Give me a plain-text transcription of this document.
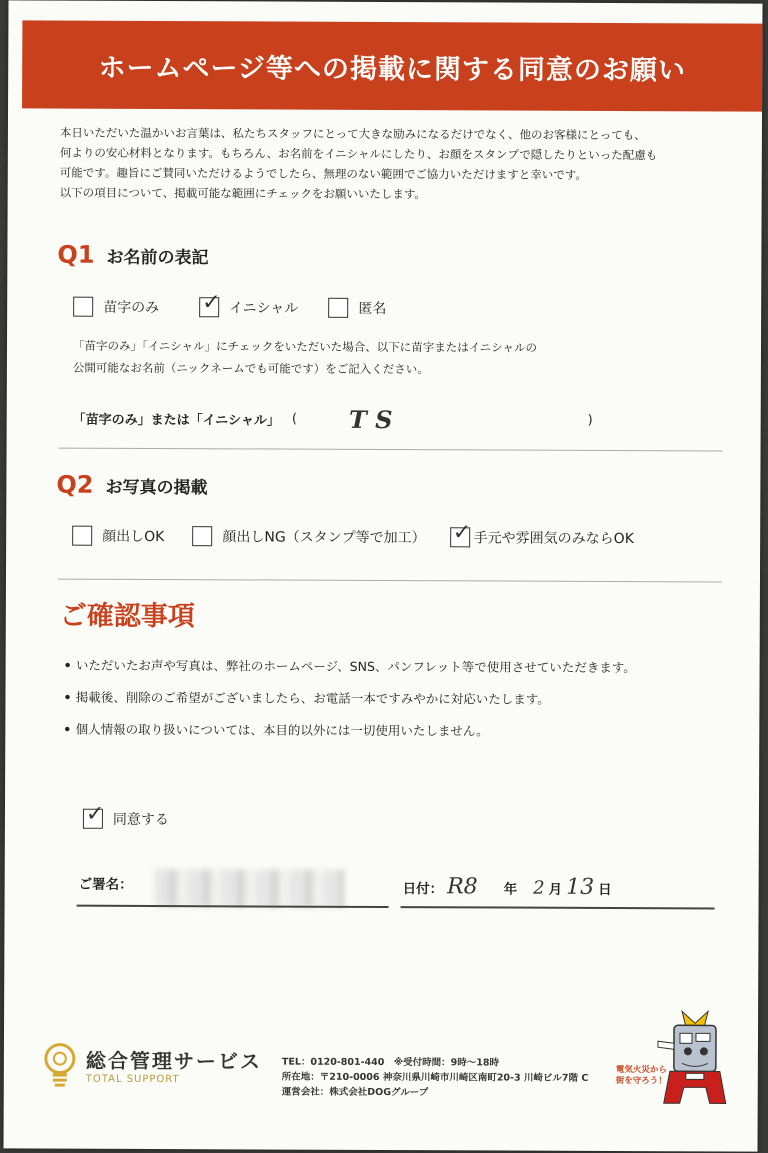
ホームページ等への掲載に関する同意のお願い
本日いただいた温かいお言葉は、私たちスタッフにとって大きな励みになるだけでなく、他のお客様にとっても、
何よりの安心材料となります。もちろん、お名前をイニシャルにしたり、お顔をスタンプで隠したりといった配慮も
可能です。趣旨にご賛同いただけるようでしたら、無理のない範囲でご協力いただけますと幸いです。
以下の項目について、掲載可能な範囲にチェックをお願いいたします。
Q1 お名前の表記
苗字のみ ✓ イニシャル	匿名
「苗字のみ」「イニシャル」にチェックをいただいた場合、以下に苗字またはイニシャルの
公開可能なお名前（ニックネームでも可能です）をご記入ください。
「苗字のみ」または「イニシャル」 ( T S	)
Q2 お写真の掲載
顔出しOK	顔出しNG（スタンプ等で加工） ✓ 手元や雰囲気のみならOK
ご確認事項
• いただいたお声や写真は、弊社のホームページ、SNS、パンフレット等で使用させていただきます。
• 掲載後、削除のご希望がございましたら、お電話一本ですみやかに対応いたします。
• 個人情報の取り扱いについては、本目的以外には一切使用いたしません。
✓ 同意する
ご署名：	日付： R8 年 2 月 13 日
総合管理サービス
TOTAL SUPPORT
TEL：0120-801-440　※受付時間：9時〜18時
所在地：〒210-0006 神奈川県川崎市川崎区南町20-3 川崎ビル7階 C
運営会社：株式会社DOGグループ
電気火災から
街を守ろう！
